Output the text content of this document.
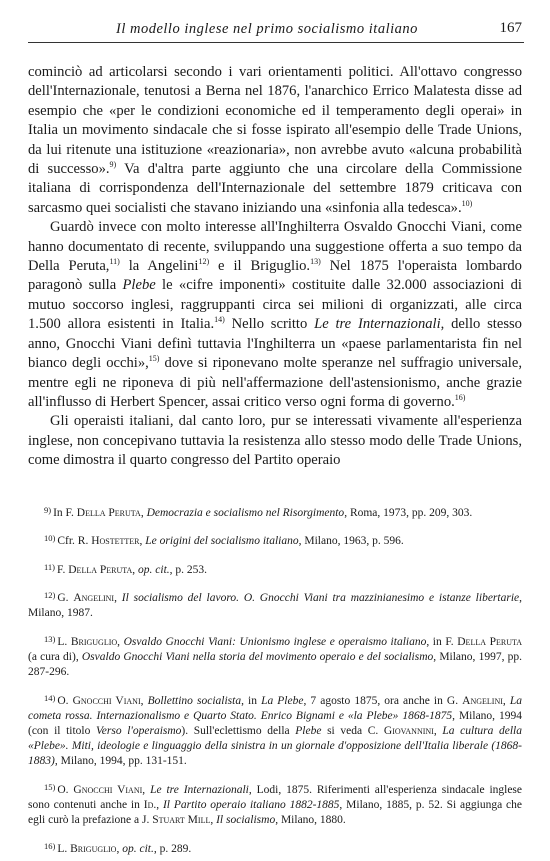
Il modello inglese nel primo socialismo italiano	167

cominciò ad articolarsi secondo i vari orientamenti politici. All'ottavo congresso dell'Internazionale, tenutosi a Berna nel 1876, l'anarchico Errico Malatesta disse ad esempio che «per le condizioni economiche ed il temperamento degli operai» in Italia un movimento sindacale che si fosse ispirato all'esempio delle Trade Unions, da lui ritenute una istituzione «reazionaria», non avrebbe avuto «alcuna probabilità di successo».$^{9)}$ Va d'altra parte aggiunto che una circolare della Commissione italiana di corrispondenza dell'Internazionale del settembre 1879 criticava con sarcasmo quei socialisti che stavano iniziando una «sinfonia alla tedesca».$^{10)}$

Guardò invece con molto interesse all'Inghilterra Osvaldo Gnocchi Viani, come hanno documentato di recente, sviluppando una suggestione offerta a suo tempo da Della Peruta,$^{11)}$ la Angelini$^{12)}$ e il Briguglio.$^{13)}$ Nel 1875 l'operaista lombardo paragonò sulla Plebe le «cifre imponenti» costituite dalle 32.000 associazioni di mutuo soccorso inglesi, raggruppanti circa sei milioni di organizzati, alle circa 1.500 allora esistenti in Italia.$^{14)}$ Nello scritto Le tre Internazionali, dello stesso anno, Gnocchi Viani definì tuttavia l'Inghilterra un «paese parlamentarista fin nel bianco degli occhi»,$^{15)}$ dove si riponevano molte speranze nel suffragio universale, mentre egli ne riponeva di più nell'affermazione dell'astensionismo, anche grazie all'influsso di Herbert Spencer, assai critico verso ogni forma di governo.$^{16)}$

Gli operaisti italiani, dal canto loro, pur se interessati vivamente all'esperienza inglese, non concepivano tuttavia la resistenza allo stesso modo delle Trade Unions, come dimostra il quarto congresso del Partito operaio

$^{9)}$ In F. Della Peruta, Democrazia e socialismo nel Risorgimento, Roma, 1973, pp. 209, 303.

$^{10)}$ Cfr. R. Hostetter, Le origini del socialismo italiano, Milano, 1963, p. 596.

$^{11)}$ F. Della Peruta, op. cit., p. 253.

$^{12)}$ G. Angelini, Il socialismo del lavoro. O. Gnocchi Viani tra mazzinianesimo e istanze libertarie, Milano, 1987.

$^{13)}$ L. Briguglio, Osvaldo Gnocchi Viani: Unionismo inglese e operaismo italiano, in F. Della Peruta (a cura di), Osvaldo Gnocchi Viani nella storia del movimento operaio e del socialismo, Milano, 1997, pp. 287-296.

$^{14)}$ O. Gnocchi Viani, Bollettino socialista, in La Plebe, 7 agosto 1875, ora anche in G. Angelini, La cometa rossa. Internazionalismo e Quarto Stato. Enrico Bignami e «la Plebe» 1868-1875, Milano, 1994 (con il titolo Verso l'operaismo). Sull'eclettismo della Plebe si veda C. Giovannini, La cultura della «Plebe». Miti, ideologie e linguaggio della sinistra in un giornale d'opposizione dell'Italia liberale (1868-1883), Milano, 1994, pp. 131-151.

$^{15)}$ O. Gnocchi Viani, Le tre Internazionali, Lodi, 1875. Riferimenti all'esperienza sindacale inglese sono contenuti anche in Id., Il Partito operaio italiano 1882-1885, Milano, 1885, p. 52. Si aggiunga che egli curò la prefazione a J. Stuart Mill, Il socialismo, Milano, 1880.

$^{16)}$ L. Briguglio, op. cit., p. 289.
